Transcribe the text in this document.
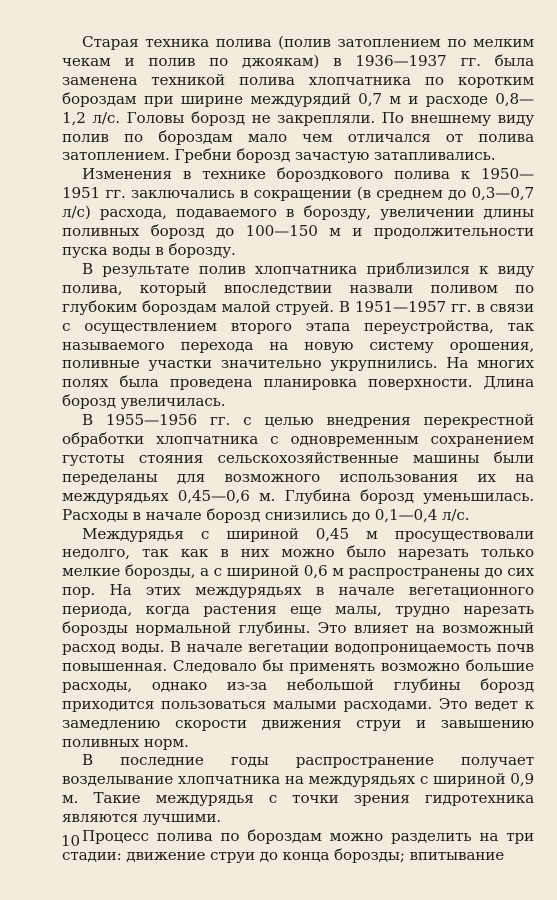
Старая техника полива (полив затоплением по мелким чекам и полив по джоякам) в 1936—1937 гг. была заменена техникой полива хлопчатника по коротким бороздам при ширине междурядий 0,7 м и расходе 0,8—1,2 л/с. Головы борозд не закрепляли. По внешнему виду полив по бороздам мало чем отличался от полива затоплением. Гребни борозд зачастую затапливались.

Изменения в технике бороздкового полива к 1950—1951 гг. заключались в сокращении (в среднем до 0,3—0,7 л/с) расхода, подаваемого в борозду, увеличении длины поливных борозд до 100—150 м и продолжительности пуска воды в борозду.

В результате полив хлопчатника приблизился к виду полива, который впоследствии назвали поливом по глубоким бороздам малой струей. В 1951—1957 гг. в связи с осуществлением второго этапа переустройства, так называемого перехода на новую систему орошения, поливные участки значительно укрупнились. На многих полях была проведена планировка поверхности. Длина борозд увеличилась.

В 1955—1956 гг. с целью внедрения перекрестной обработки хлопчатника с одновременным сохранением густоты стояния сельскохозяйственные машины были переделаны для возможного использования их на междурядьях 0,45—0,6 м. Глубина борозд уменьшилась. Расходы в начале борозд снизились до 0,1—0,4 л/с.

Междурядья с шириной 0,45 м просуществовали недолго, так как в них можно было нарезать только мелкие борозды, а с шириной 0,6 м распространены до сих пор. На этих междурядьях в начале вегетационного периода, когда растения еще малы, трудно нарезать борозды нормальной глубины. Это влияет на возможный расход воды. В начале вегетации водопроницаемость почв повышенная. Следовало бы применять возможно большие расходы, однако из-за небольшой глубины борозд приходится пользоваться малыми расходами. Это ведет к замедлению скорости движения струи и завышению поливных норм.

В последние годы распространение получает возделывание хлопчатника на междурядьях с шириной 0,9 м. Такие междурядья с точки зрения гидротехника являются лучшими.

Процесс полива по бороздам можно разделить на три стадии: движение струи до конца борозды; впитывание

10
